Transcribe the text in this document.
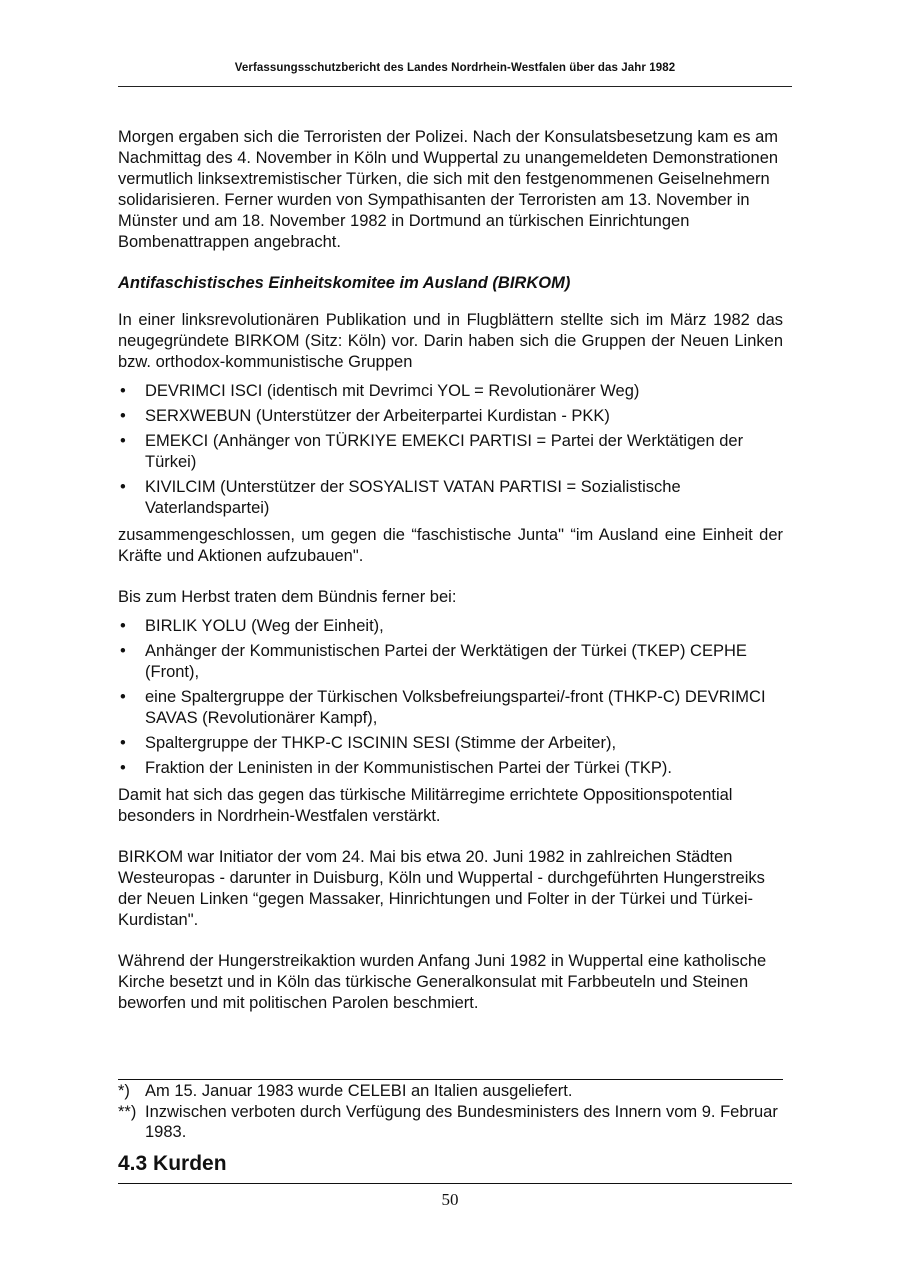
Verfassungsschutzbericht des Landes Nordrhein-Westfalen über das Jahr 1982

Morgen ergaben sich die Terroristen der Polizei. Nach der Konsulatsbesetzung kam es am Nachmittag des 4. November in Köln und Wuppertal zu unangemeldeten Demonstrationen vermutlich linksextremistischer Türken, die sich mit den festgenommenen Geiselnehmern solidarisieren. Ferner wurden von Sympathisanten der Terroristen am 13. November in Münster und am 18. November 1982 in Dortmund an türkischen Einrichtungen Bombenattrappen angebracht.

Antifaschistisches Einheitskomitee im Ausland (BIRKOM)

In einer linksrevolutionären Publikation und in Flugblättern stellte sich im März 1982 das neugegründete BIRKOM (Sitz: Köln) vor. Darin haben sich die Gruppen der Neuen Linken bzw. orthodox-kommunistische Gruppen

• DEVRIMCI ISCI (identisch mit Devrimci YOL = Revolutionärer Weg)
• SERXWEBUN (Unterstützer der Arbeiterpartei Kurdistan - PKK)
• EMEKCI (Anhänger von TÜRKIYE EMEKCI PARTISI = Partei der Werktätigen der Türkei)
• KIVILCIM (Unterstützer der SOSYALIST VATAN PARTISI = Sozialistische Vaterlandspartei)

zusammengeschlossen, um gegen die “faschistische Junta" “im Ausland eine Einheit der Kräfte und Aktionen aufzubauen".

Bis zum Herbst traten dem Bündnis ferner bei:

• BIRLIK YOLU (Weg der Einheit),
• Anhänger der Kommunistischen Partei der Werktätigen der Türkei (TKEP) CEPHE (Front),
• eine Spaltergruppe der Türkischen Volksbefreiungspartei/-front (THKP-C) DEVRIMCI SAVAS (Revolutionärer Kampf),
• Spaltergruppe der THKP-C ISCININ SESI (Stimme der Arbeiter),
• Fraktion der Leninisten in der Kommunistischen Partei der Türkei (TKP).

Damit hat sich das gegen das türkische Militärregime errichtete Oppositionspotential besonders in Nordrhein-Westfalen verstärkt.

BIRKOM war Initiator der vom 24. Mai bis etwa 20. Juni 1982 in zahlreichen Städten Westeuropas - darunter in Duisburg, Köln und Wuppertal - durchgeführten Hungerstreiks der Neuen Linken “gegen Massaker, Hinrichtungen und Folter in der Türkei und Türkei-Kurdistan".

Während der Hungerstreikaktion wurden Anfang Juni 1982 in Wuppertal eine katholische Kirche besetzt und in Köln das türkische Generalkonsulat mit Farbbeuteln und Steinen beworfen und mit politischen Parolen beschmiert.

*) Am 15. Januar 1983 wurde CELEBI an Italien ausgeliefert.
**) Inzwischen verboten durch Verfügung des Bundesministers des Innern vom 9. Februar 1983.
4.3 Kurden
50
